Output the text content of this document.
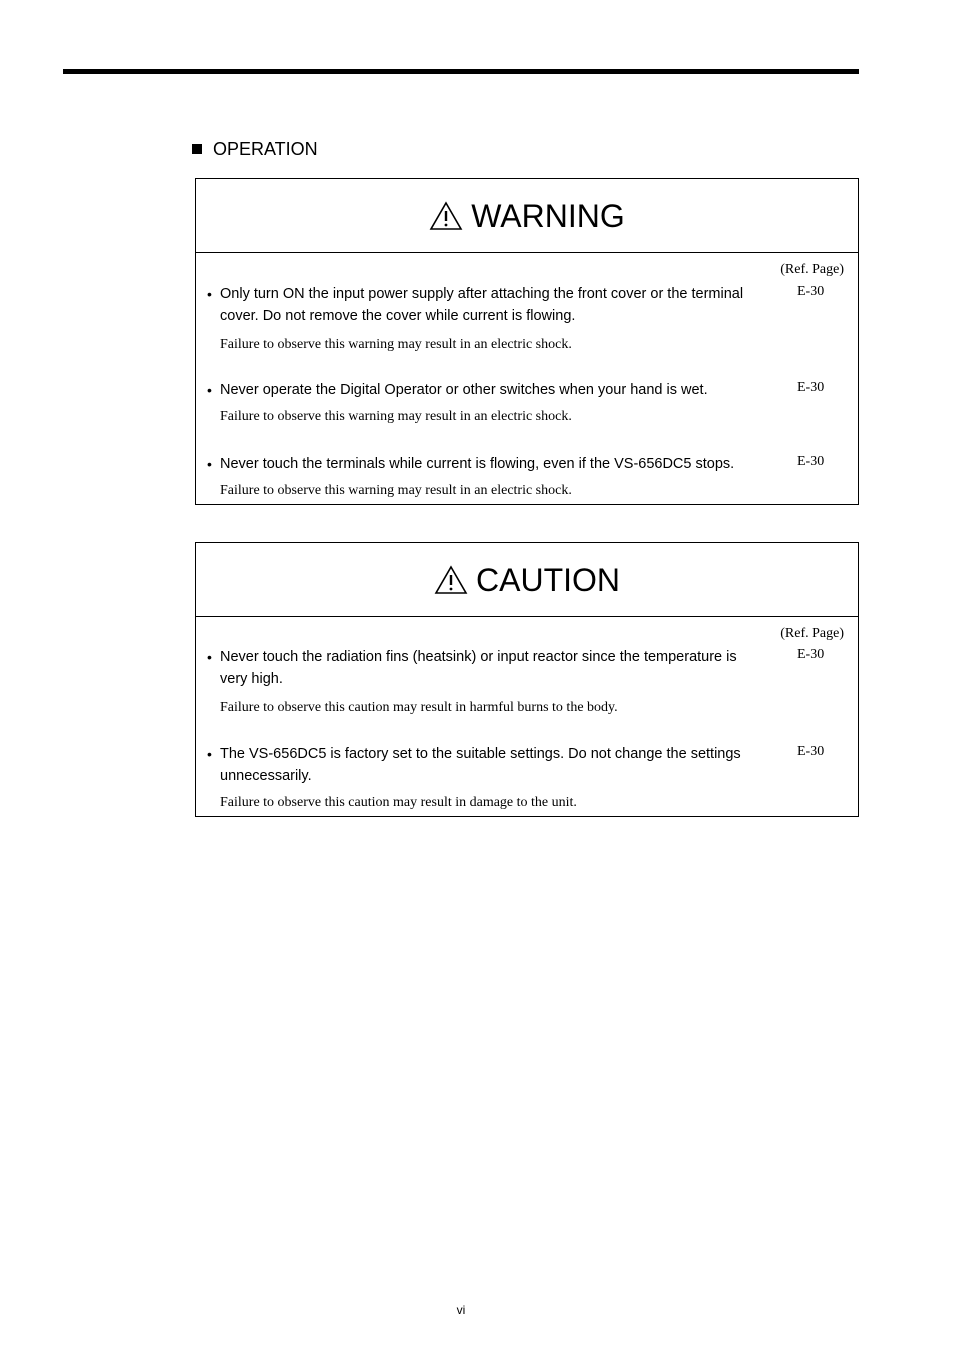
OPERATION
WARNING
(Ref. Page)
• Only turn ON the input power supply after attaching the front cover or the terminal cover. Do not remove the cover while current is flowing.
E-30
Failure to observe this warning may result in an electric shock.
• Never operate the Digital Operator or other switches when your hand is wet.	E-30
Failure to observe this warning may result in an electric shock.
• Never touch the terminals while current is flowing, even if the VS-656DC5 stops.	E-30
Failure to observe this warning may result in an electric shock.
CAUTION
(Ref. Page)
• Never touch the radiation fins (heatsink) or input reactor since the temperature is very high.
E-30
Failure to observe this caution may result in harmful burns to the body.
• The VS-656DC5 is factory set to the suitable settings. Do not change the settings unnecessarily.
E-30
Failure to observe this caution may result in damage to the unit.
vi
